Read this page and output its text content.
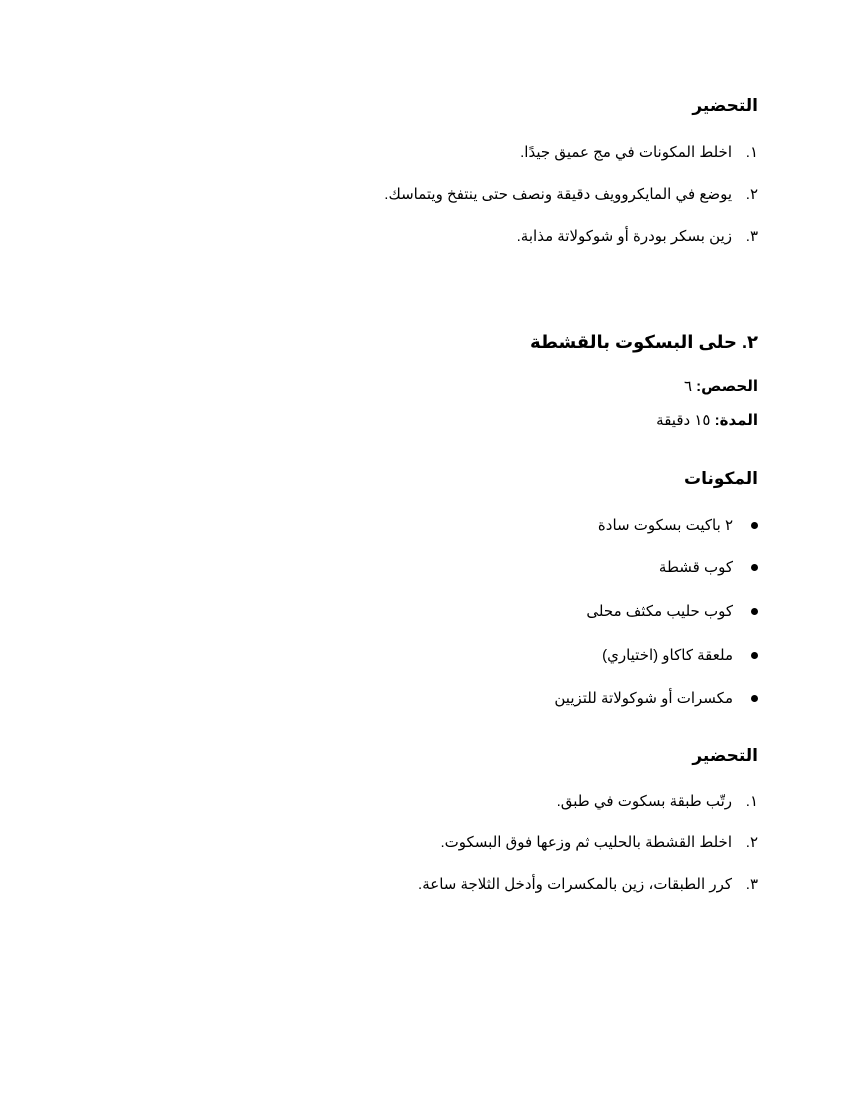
التحضير
١.اخلط المكونات في مج عميق جيدًا.
٢.يوضع في المايكروويف دقيقة ونصف حتى ينتفخ ويتماسك.
٣.زين بسكر بودرة أو شوكولاتة مذابة.
٢. حلى البسكوت بالقشطة
الحصص: ٦
المدة: ١٥ دقيقة
المكونات
٢ باكيت بسكوت سادة
كوب قشطة
كوب حليب مكثف محلى
ملعقة كاكاو (اختياري)
مكسرات أو شوكولاتة للتزيين
التحضير
١.رتّب طبقة بسكوت في طبق.
٢.اخلط القشطة بالحليب ثم وزعها فوق البسكوت.
٣.كرر الطبقات، زين بالمكسرات وأدخل الثلاجة ساعة.
